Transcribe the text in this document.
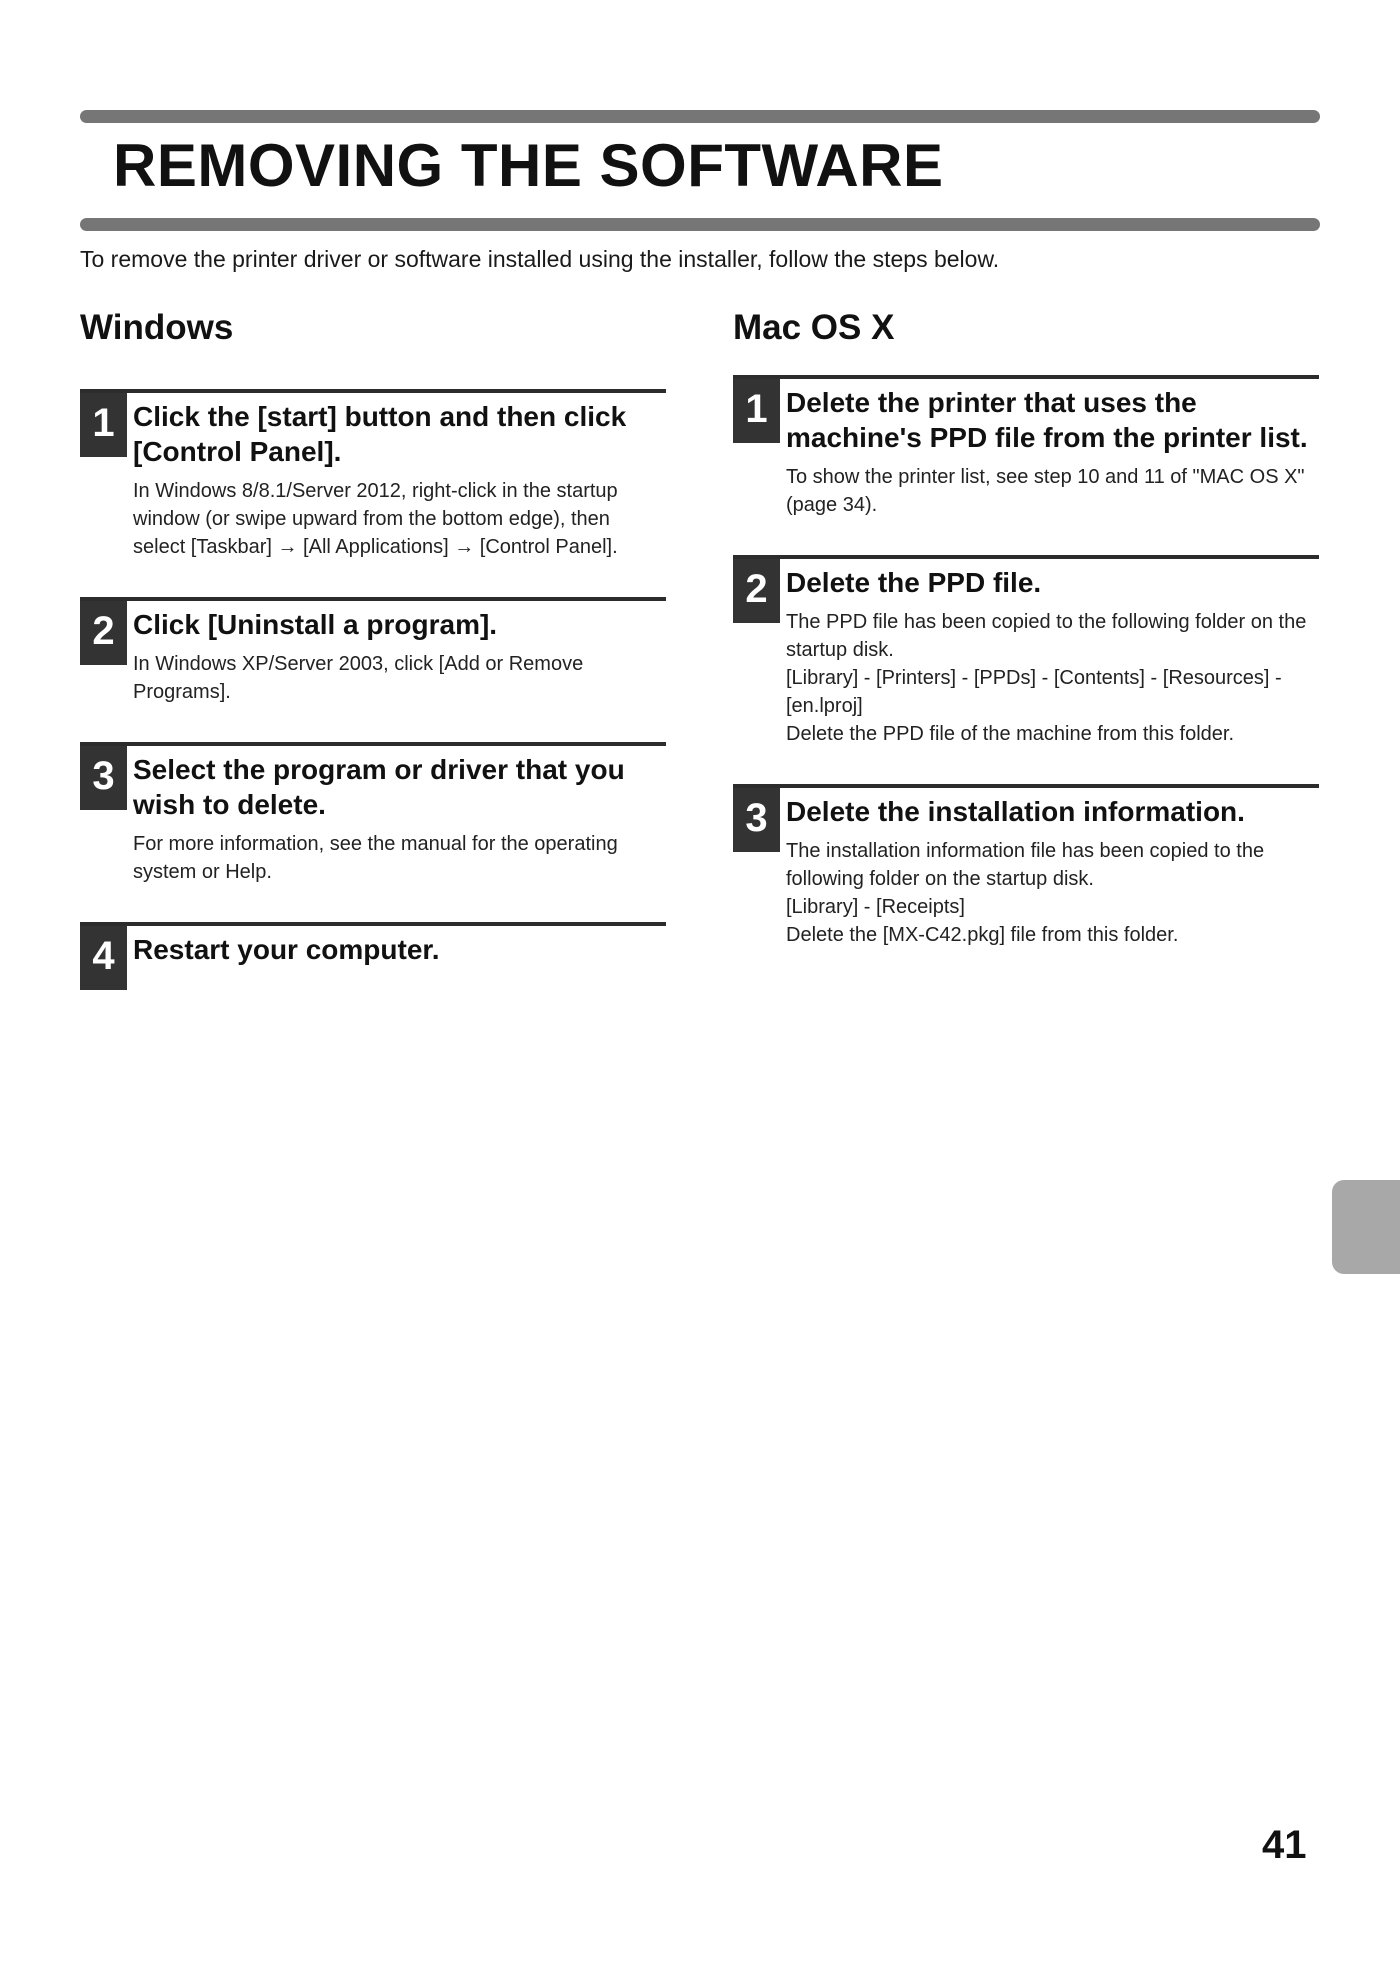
REMOVING THE SOFTWARE

To remove the printer driver or software installed using the installer, follow the steps below.

Windows
1 Click the [start] button and then click [Control Panel].
In Windows 8/8.1/Server 2012, right-click in the startup window (or swipe upward from the bottom edge), then select [Taskbar] → [All Applications] → [Control Panel].
2 Click [Uninstall a program].
In Windows XP/Server 2003, click [Add or Remove Programs].
3 Select the program or driver that you wish to delete.
For more information, see the manual for the operating system or Help.
4 Restart your computer.
Mac OS X
1 Delete the printer that uses the machine's PPD file from the printer list.
To show the printer list, see step 10 and 11 of "MAC OS X" (page 34).
2 Delete the PPD file.
The PPD file has been copied to the following folder on the startup disk.
[Library] - [Printers] - [PPDs] - [Contents] - [Resources] - [en.lproj]
Delete the PPD file of the machine from this folder.
3 Delete the installation information.
The installation information file has been copied to the following folder on the startup disk.
[Library] - [Receipts]
Delete the [MX-C42.pkg] file from this folder.
41
